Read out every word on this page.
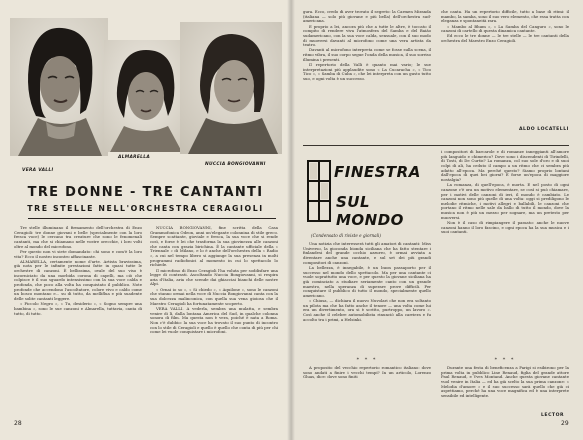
VERA VALLI
ALMARELLA
NUCCIA BONGIOVANNI
TRE DONNE - TRE CANTANTI
TRE STELLE NELL'ORCHESTRA CERAGIOLI

Tre stelle illuminano il firmamento dell'orchestra di Enzo Ceragioli: tre donne giovani e belle (specialmente con la loro fresca voce) le cercano tra creature che sono le fenomenali cantanti, ma che si chiamano nelle vostre orecchie, i loro volti oltre al mondo del microfono.

Per questo non vi siete domandato: chi sono e com'è la loro vita? Ecco il nostro incontro affascinante.

ALMARELLA, certamente nome d'arte. Artista bravissima, già nota per le infinite prestazioni fatte in quasi tutte le orchestre di canzoni. È bellissima, ovale del suo viso è incorniciato da una morbida corona di capelli, ma ciò che colpisce è il suo sguardo intensissimo con la sua voce calda e profonda, che poco alla volta ha conquistato il pubblico. Note profonde che accendono l'ascoltatore, colore vivo e caldo come un bosco montano e... su di tutto, da melliflua e più suadente delle solite cantanti leggere.

« Piccolo Negro », « Tu, desiderio », « Sogno sempre una bambina », sono le sue canzoni e Almarella, tuttavia, canta di tutto, di tutto.

NUCCIA BONGIOVANNI, fine scritta della Casa Grammofonica Odeon, anni un'elegante colonnina di stile greco. Sempre scattante, gioviale e fresca, la sua voce che si rende così, e forse è lei che trasforma la sua giovinezza alle canzoni che canta con grazia birichina. È la cantante ufficiale della « Triennale » di Milano, e lo è anche dell'orchestra della « Radio », a cui nel tempo libero si aggiunge la sua presenza in molti programmi radiofonici al momento in cui lo spettacolo lo richiede.

Il microfono di Enzo Ceragioli l'ha voluta per soddisfare una legge di contrasti. Ascoltando Nuccia Bongiovanni, si respira aria d'Italia, aria che scende dai ghiacciai bianchi delle nostre Alpi.

« Ornai io so », « Si chiedo », « Aquilone », sono le canzoni che stanno ormai nella voce di Nuccia Bongiovanni canta con la sua dolcezza malinconica, con quella sua vena gioiosa che il Maestro Ceragioli ha fortunatamente scoperto.

VERA VALLI. A vederla, sembra una mulatta, e sembra venire di lì, dalla lontana America del Sud, in qualche colonna sonora di film. Ma questa non è vera, poiché è nata a Roma. Non c'è dubbio: la sua voce ha trovato il suo punto di incontro con lo stile di Ceragioli e quello è quello che conta di più per chi come lei vuole conquistare i microfoni.

28

gura. Ecco, credo di aver trovato il segreto: la Carmen Miranda (italiana — solo più giovane e più bella) dell'orchestra sud-americana.

E proprio a lei, ancora più che a tutte le altre, è toccato il compito di rendere viva l'atmosfera del Samba e del Baião sudamericano, con la sua voce calda, sensuale, con il suo modo di muoversi davanti al microfono come una vera artista da teatro.

Davanti al microfono interpreta come se fosse sulla scena, il ritmo vibra, il suo corpo segue l'onda della musica, il suo sorriso illumina i presenti.

Il repertorio della Valli è quanto mai vario; le sue interpretazioni più applaudite sono « La Cucaracha », « Tico Tico », « Samba di Cuba », che lei interpreta con un gusto tutto suo, e ogni volta è un successo.

che canta. Ha un repertorio difficile, tutto a base di ritmi: il mambo, la samba, sono il suo vero elemento, che essa tratta con eleganza e spontaneità rara.

« Mambo al Bhum », « La Samba del Canguro », sono le canzoni di cartello di questa dinamica cantante.

Ed ecco le tre donne — le tre stelle — le tre cantanti della orchestra del Maestro Enzo Ceragioli.

ALDO LOCATELLI
FINESTRA
SUL MONDO
(Condensato di riviste e giornali)

Una notizia che interesserà tutti gli amatori di cantanti: Miss Universo, la gioconda bionda siciliana che ha fatto stentare i finlandesi del grande occhio azzurro, è ormai avviata a diventare anche una cantante, e sul set dei più grandi compositori di canzoni.

La bellezza, è innegabile, è un buon passaporto per il successo nel mondo dello spettacolo. Ma per una cantante ci vuole soprattutto una voce, e per questo la giovane siciliana ha già cominciato a studiare seriamente canto con un grande maestro, nella speranza di superare prove difficili. Per conquistare il pubblico di tutto il mondo, specialmente quello americano.

« Chiusa, — dichiara il nuovo Nuvolari che non era soltanto un pilota ma che ha fatto anche il tenore — una volta come lui era un divertimento, ora si è scritto, purtroppo, un lavoro ». Così anche il celebre automobilista rinunciò alla carriera e fu accolto tra i primi, a Helsinki.

* * *

A proposito del vecchio repertorio romantico italiano: dove sono andati a finire i vecchi tempi? In un articolo, Lorenzo Gluas, dice: dove sono finiti

i compositori di barcarole e di romanze inneggianti all'amore più languido e chimerico? Dove sono i discendenti di Tirindelli, di Tosti, di De Curtis? La romanza, col suo sole d'oro e di suoi colpi di ali, ha ceduto il campo a un ritmo che ci sembra più adatto all'epoca. Ma perché questo? Siamo proprio lontani dall'epoca di quei bei giorni? È forse un'epoca di maggiore nostalgia?

La romanza, di quell'epoca, è morta. E nel posto di ogni canzone c'è ora un motivo elementare, se così si può chiamare, per i motivi delle canzoni di ieri, il mondo è cambiato. Le canzoni non sono più quelle di una volta: oggi si prediligono le melodie ritmiche, i motivi allegri e ballabili, le canzoni che portano il ritmo nelle sale da ballo di tutto il mondo, dove la musica non è più un mezzo per sognare, ma un pretesto per muoversi.

Non è il caso di rimpiangere il passato: anche le nuove canzoni hanno il loro fascino, e ogni epoca ha la sua musica e i suoi cantanti.

* * *

Durante una festa di beneficenza a Parigi si esibirono per la prima volta in pubblico Line Renaud, figlia del grande attore Paul Renaud, e Yves Montand. Anche questa giovane cantante vuol venire in Italia — ed ha già scelto la sua prima canzone: « Melodia d'amore » e il suo successo sarà quello che già ci aspettiamo, perché ha una voce magnifica ed è una interprete sensibile ed intelligente.

LECTOR
29
